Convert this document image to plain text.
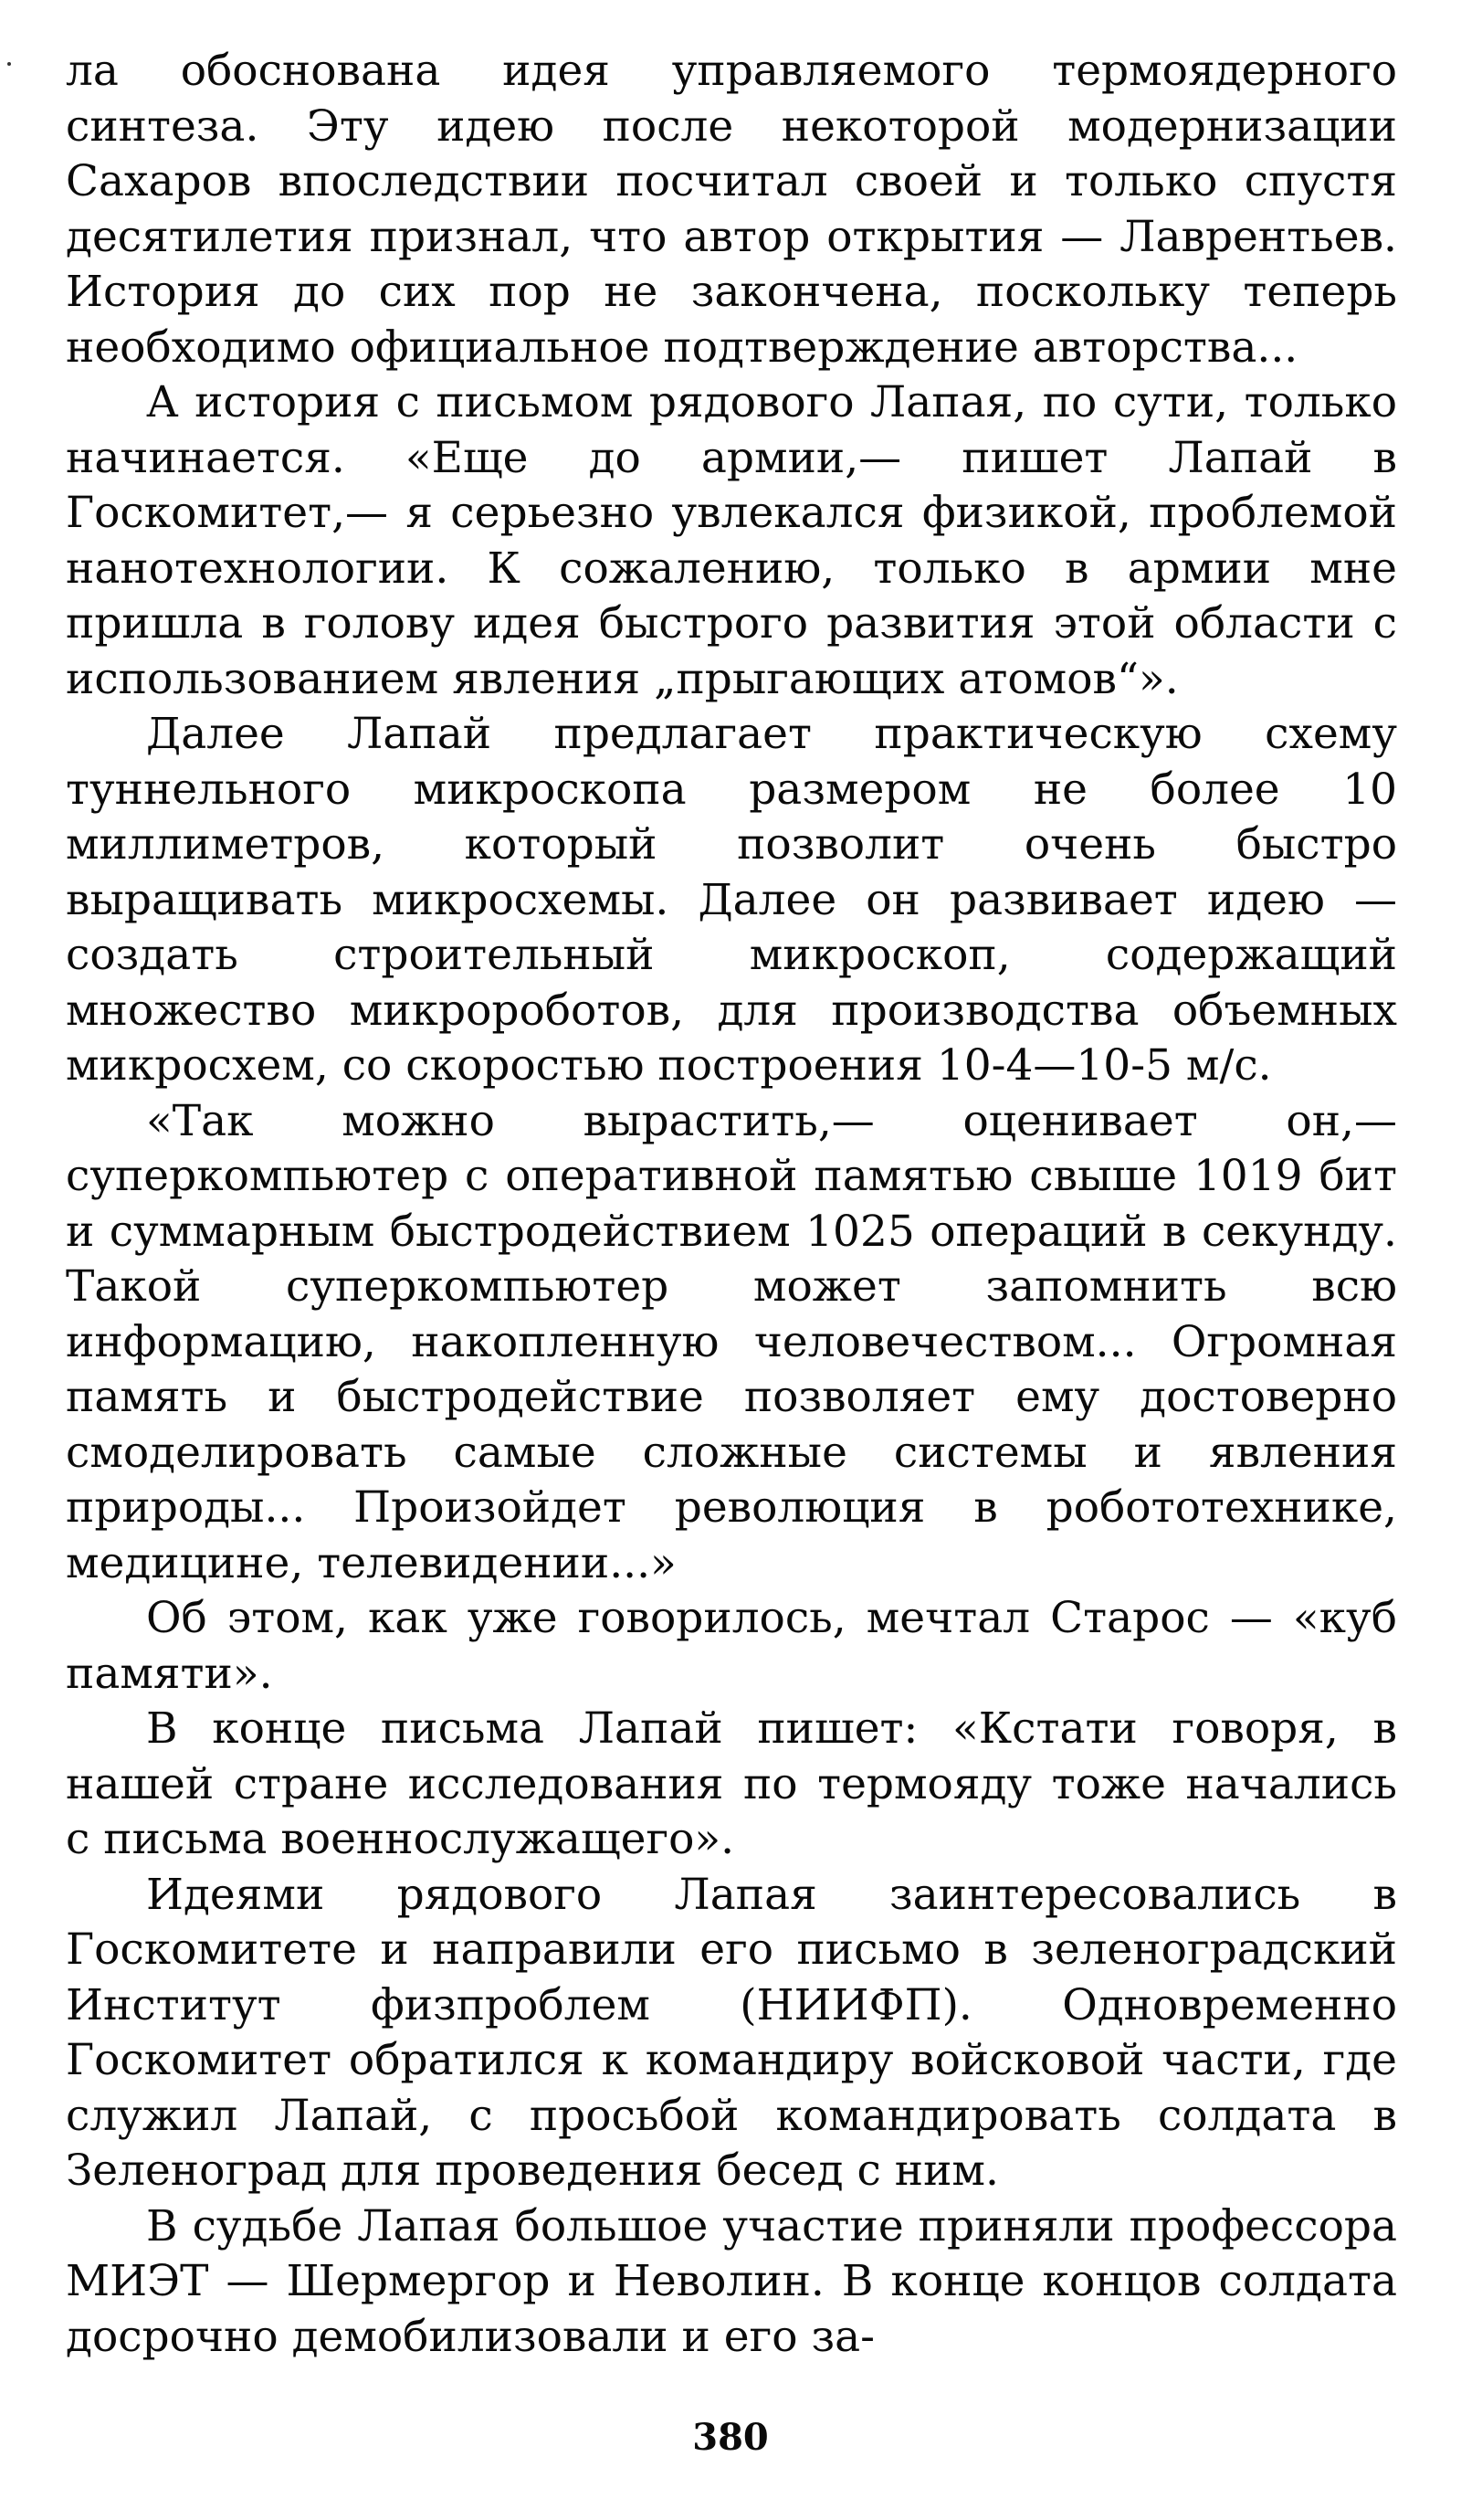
ла обоснована идея управляемого термоядерного синтеза. Эту идею после некоторой модернизации Сахаров впоследствии посчитал своей и только спустя десятилетия признал, что автор открытия — Лаврентьев. История до сих пор не закончена, поскольку теперь необходимо официальное подтверждение авторства...

А история с письмом рядового Лапая, по сути, только начинается. «Еще до армии,— пишет Лапай в Госкомитет,— я серьезно увлекался физикой, проблемой нанотехнологии. К сожалению, только в армии мне пришла в голову идея быстрого развития этой области с использованием явления „прыгающих атомов“».

Далее Лапай предлагает практическую схему туннельного микроскопа размером не более 10 миллиметров, который позволит очень быстро выращивать микросхемы. Далее он развивает идею — создать строительный микроскоп, содержащий множество микророботов, для производства объемных микросхем, со скоростью построения 10-4—10-5 м/с.

«Так можно вырастить,— оценивает он,— суперкомпьютер с оперативной памятью свыше 1019 бит и суммарным быстродействием 1025 операций в секунду. Такой суперкомпьютер может запомнить всю информацию, накопленную человечеством... Огромная память и быстродействие позволяет ему достоверно смоделировать самые сложные системы и явления природы... Произойдет революция в робототехнике, медицине, телевидении...»

Об этом, как уже говорилось, мечтал Старос — «куб памяти».

В конце письма Лапай пишет: «Кстати говоря, в нашей стране исследования по термояду тоже начались с письма военнослужащего».

Идеями рядового Лапая заинтересовались в Госкомитете и направили его письмо в зеленоградский Институт физпроблем (НИИФП). Одновременно Госкомитет обратился к командиру войсковой части, где служил Лапай, с просьбой командировать солдата в Зеленоград для проведения бесед с ним.

В судьбе Лапая большое участие приняли профессора МИЭТ — Шермергор и Неволин. В конце концов солдата досрочно демобилизовали и его за-

380
